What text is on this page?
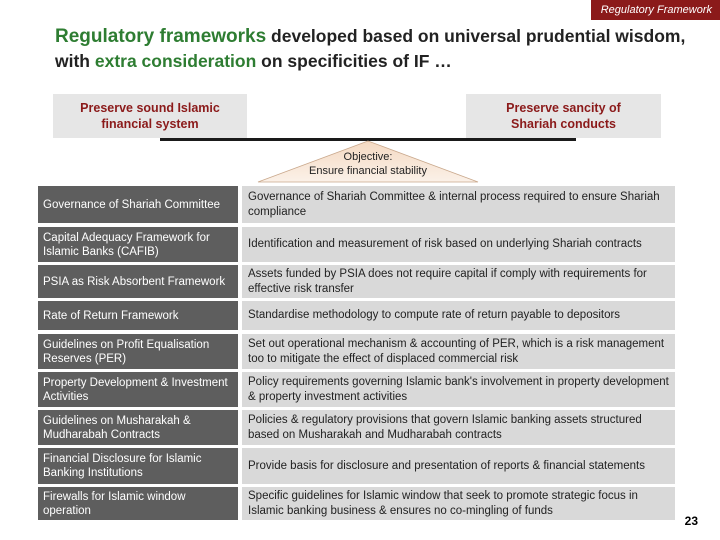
Regulatory Framework
Regulatory frameworks developed based on universal prudential wisdom, with extra consideration on specificities of IF …
Preserve sound Islamic
financial system
Preserve sancity of
Shariah conducts
Objective:
Ensure financial stability
Governance of Shariah Committee
Governance of Shariah Committee & internal process required to ensure Shariah compliance
Capital Adequacy Framework for Islamic Banks (CAFIB)
Identification and measurement of risk based on underlying Shariah contracts
PSIA as Risk Absorbent Framework
Assets funded by PSIA does not require capital if comply with requirements for effective risk transfer
Rate of Return Framework	Standardise methodology to compute rate of return payable to depositors
Guidelines on Profit Equalisation Reserves (PER)
Set out operational mechanism & accounting of PER, which is a risk management too to mitigate the effect of displaced commercial risk
Property Development & Investment Activities
Policy requirements governing Islamic bank's involvement in property development & property investment activities
Guidelines on Musharakah & Mudharabah Contracts
Policies & regulatory provisions that govern Islamic banking assets structured based on Musharakah and Mudharabah contracts
Financial Disclosure for Islamic Banking Institutions
Provide basis for disclosure and presentation of reports & financial statements
Firewalls for Islamic window operation
Specific guidelines for Islamic window that seek to promote strategic focus in Islamic banking business & ensures no co-mingling of funds
23
